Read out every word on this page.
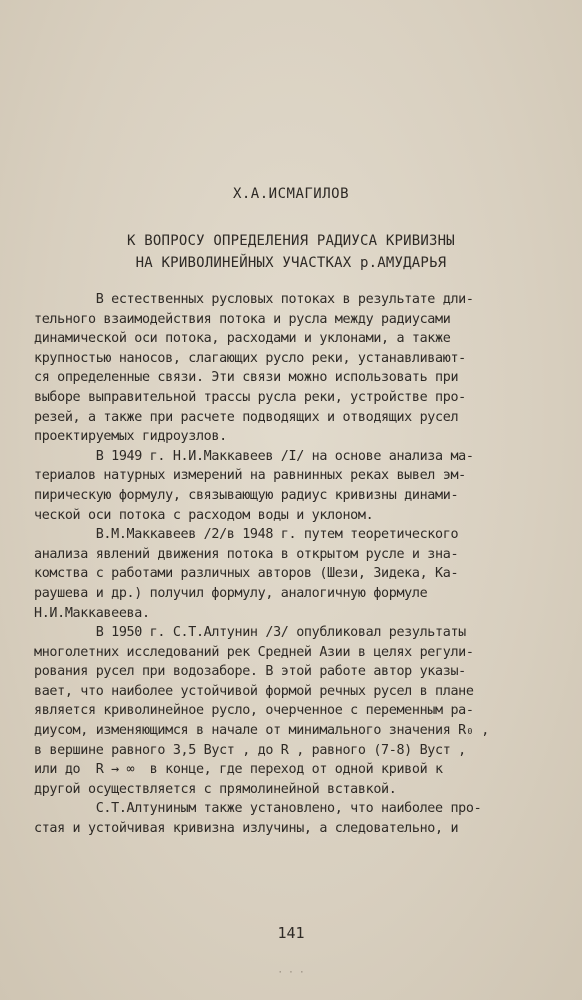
Х.А.ИСМАГИЛОВ
К ВОПРОСУ ОПРЕДЕЛЕНИЯ РАДИУСА КРИВИЗНЫ
НА КРИВОЛИНЕЙНЫХ УЧАСТКАХ р.АМУДАРЬЯ
В естественных русловых потоках в результате дли-
тельного взаимодействия потока и русла между радиусами
динамической оси потока, расходами и уклонами, а также
крупностью наносов, слагающих русло реки, устанавливают-
ся определенные связи. Эти связи можно использовать при
выборе выправительной трассы русла реки, устройстве про-
резей, а также при расчете подводящих и отводящих русел
проектируемых гидроузлов.
В 1949 г. Н.И.Маккавеев /I/ на основе анализа ма-
териалов натурных измерений на равнинных реках вывел эм-
пирическую формулу, связывающую радиус кривизны динами-
ческой оси потока с расходом воды и уклоном.
В.М.Маккавеев /2/в 1948 г. путем теоретического
анализа явлений движения потока в открытом русле и зна-
комства с работами различных авторов (Шези, Зидека, Ка-
раушева и др.) получил формулу, аналогичную формуле
Н.И.Маккавеева.
В 1950 г. С.Т.Алтунин /3/ опубликовал результаты
многолетних исследований рек Средней Азии в целях регули-
рования русел при водозаборе. В этой работе автор указы-
вает, что наиболее устойчивой формой речных русел в плане
является криволинейное русло, очерченное с переменным ра-
диусом, изменяющимся в начале от минимального значения R₀ ,
в вершине равного 3,5 Bуст , до R , равного (7-8) Bуст ,
или до  R → ∞  в конце, где переход от одной кривой к
другой осуществляется с прямолинейной вставкой.
С.Т.Алтуниным также установлено, что наиболее про-
стая и устойчивая кривизна излучины, а следовательно, и
141
· · ·
